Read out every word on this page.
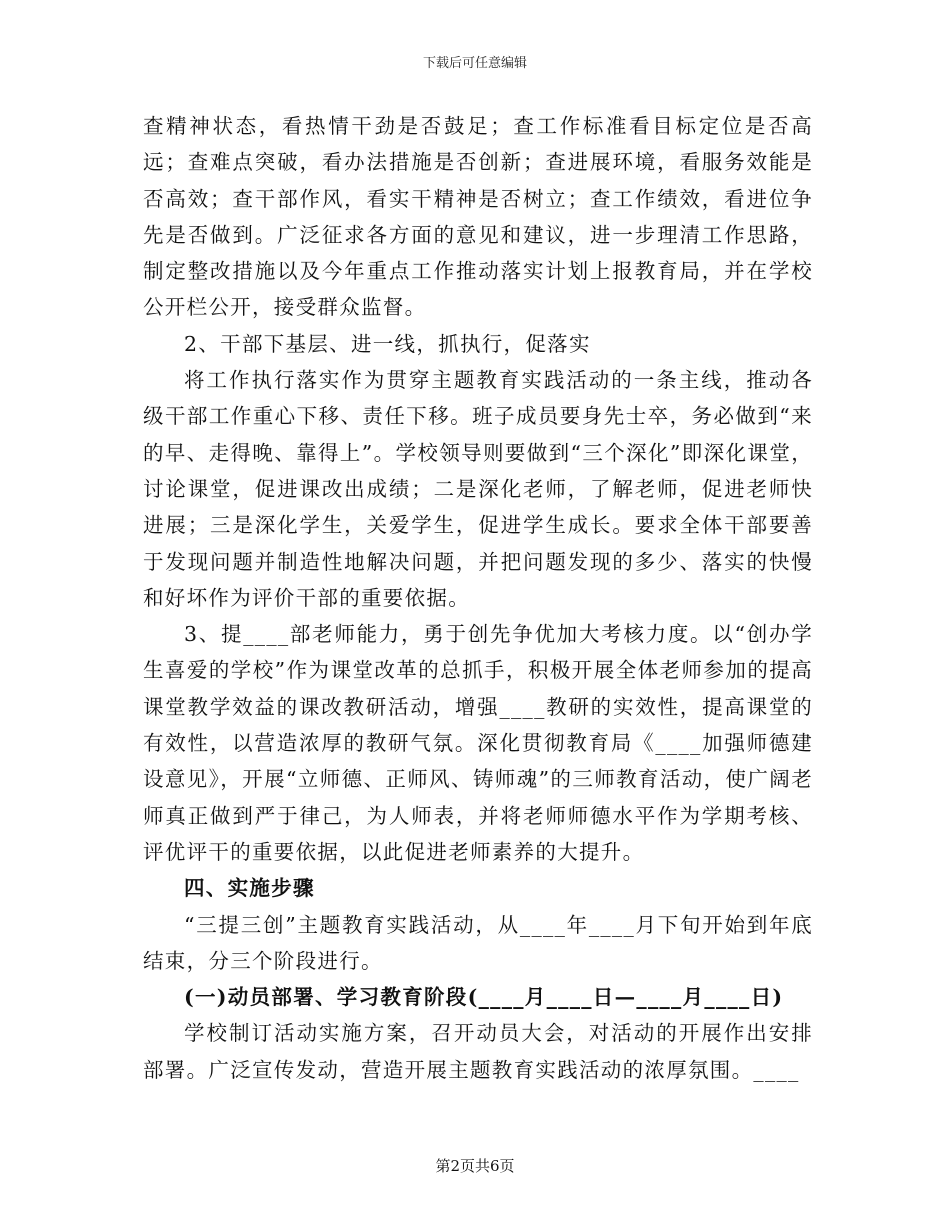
下载后可任意编辑

查精神状态，看热情干劲是否鼓足；查工作标准看目标定位是否高远；查难点突破，看办法措施是否创新；查进展环境，看服务效能是否高效；查干部作风，看实干精神是否树立；查工作绩效，看进位争先是否做到。广泛征求各方面的意见和建议，进一步理清工作思路，制定整改措施以及今年重点工作推动落实计划上报教育局，并在学校公开栏公开，接受群众监督。

2、干部下基层、进一线，抓执行，促落实

将工作执行落实作为贯穿主题教育实践活动的一条主线，推动各级干部工作重心下移、责任下移。班子成员要身先士卒，务必做到“来的早、走得晚、靠得上”。学校领导则要做到“三个深化”即深化课堂，讨论课堂，促进课改出成绩；二是深化老师，了解老师，促进老师快进展；三是深化学生，关爱学生，促进学生成长。要求全体干部要善于发现问题并制造性地解决问题，并把问题发现的多少、落实的快慢和好坏作为评价干部的重要依据。

3、提____部老师能力，勇于创先争优加大考核力度。以“创办学生喜爱的学校”作为课堂改革的总抓手，积极开展全体老师参加的提高课堂教学效益的课改教研活动，增强____教研的实效性，提高课堂的有效性，以营造浓厚的教研气氛。深化贯彻教育局《____加强师德建设意见》，开展“立师德、正师风、铸师魂”的三师教育活动，使广阔老师真正做到严于律己，为人师表，并将老师师德水平作为学期考核、评优评干的重要依据，以此促进老师素养的大提升。

四、实施步骤

“三提三创”主题教育实践活动，从____年____月下旬开始到年底结束，分三个阶段进行。

(一)动员部署、学习教育阶段(____月____日—____月____日)

学校制订活动实施方案，召开动员大会，对活动的开展作出安排部署。广泛宣传发动，营造开展主题教育实践活动的浓厚氛围。____

第2页共6页
